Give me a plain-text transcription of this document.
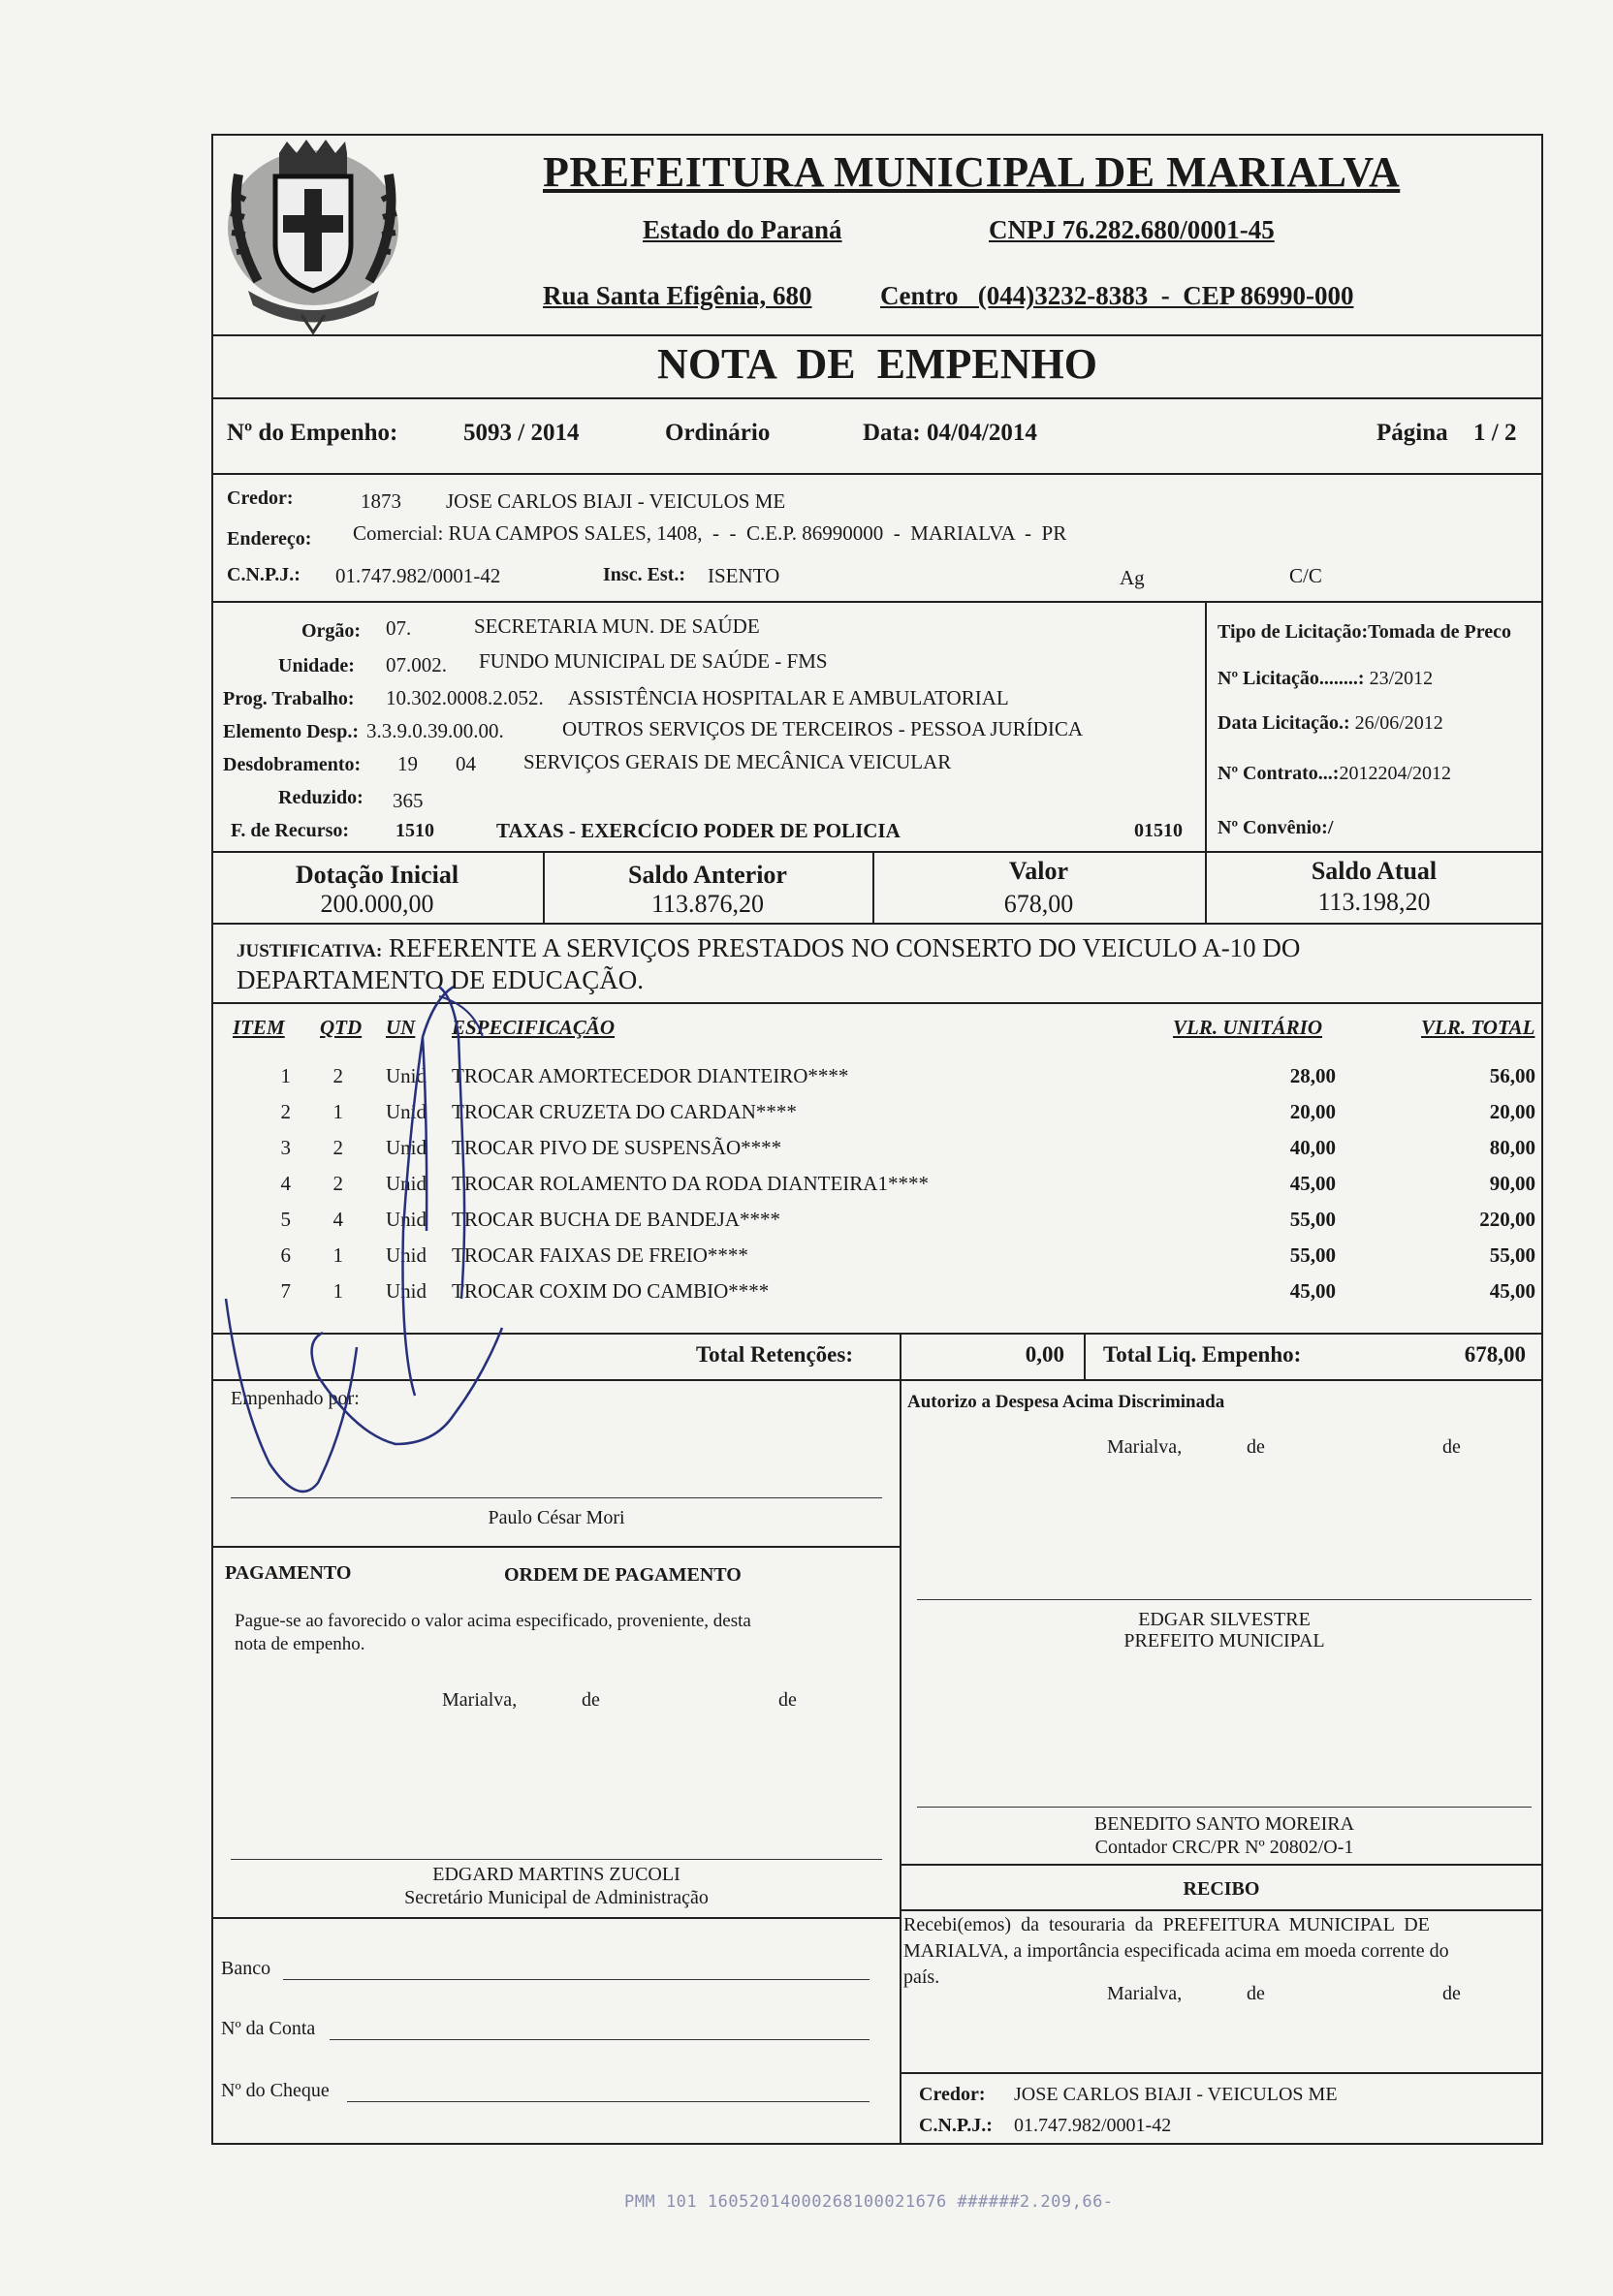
PREFEITURA MUNICIPAL DE MARIALVA
Estado do Paraná	CNPJ 76.282.680/0001-45
Rua Santa Efigênia, 680	Centro   (044)3232-8383  -  CEP 86990-000
NOTA  DE  EMPENHO
Nº do Empenho:	5093 / 2014	Ordinário	Data: 04/04/2014	Página 1 / 2
Credor:	1873 JOSE CARLOS BIAJI - VEICULOS ME
Endereço: Comercial: RUA CAMPOS SALES, 1408,  -  -  C.E.P. 86990000  -  MARIALVA  -  PR
C.N.P.J.: 01.747.982/0001-42	Insc. Est.: ISENTO	Ag	C/C
Orgão: 07.	SECRETARIA MUN. DE SAÚDE
Unidade: 07.002. FUNDO MUNICIPAL DE SAÚDE - FMS
Prog. Trabalho: 10.302.0008.2.052. ASSISTÊNCIA HOSPITALAR E AMBULATORIAL
Elemento Desp.: 3.3.9.0.39.00.00.	OUTROS SERVIÇOS DE TERCEIROS - PESSOA JURÍDICA
Desdobramento: 19 04 SERVIÇOS GERAIS DE MECÂNICA VEICULAR
Reduzido: 365
F. de Recurso: 1510	TAXAS - EXERCÍCIO PODER DE POLICIA	01510
Tipo de Licitação:Tomada de Preco
Nº Licitação........: 23/2012
Data Licitação.: 26/06/2012
Nº Contrato...:2012204/2012
Nº Convênio:/
Dotação Inicial
200.000,00
Saldo Anterior
113.876,20
Valor
678,00
Saldo Atual
113.198,20
JUSTIFICATIVA: REFERENTE A SERVIÇOS PRESTADOS NO CONSERTO DO VEICULO A-10 DO
DEPARTAMENTO DE EDUCAÇÃO.
ITEM QTD UN ESPECIFICAÇÃO	VLR. UNITÁRIO	VLR. TOTAL
1	2 Unid	TROCAR AMORTECEDOR DIANTEIRO****	28,00	56,00
2	1 Unid	TROCAR CRUZETA DO CARDAN****	20,00	20,00
3	2 Unid	TROCAR PIVO DE SUSPENSÃO****	40,00	80,00
4	2 Unid	TROCAR ROLAMENTO DA RODA DIANTEIRA1****	45,00	90,00
5	4 Unid	TROCAR BUCHA DE BANDEJA****	55,00	220,00
6	1 Unid	TROCAR FAIXAS DE FREIO****	55,00	55,00
7	1 Unid	TROCAR COXIM DO CAMBIO****	45,00	45,00
Total Retenções:	0,00 Total Liq. Empenho:	678,00
Empenhado por:
Paulo César Mori
Autorizo a Despesa Acima Discriminada
Marialva,	de	de
PAGAMENTO	ORDEM DE PAGAMENTO
Pague-se ao favorecido o valor acima especificado, proveniente, desta
nota de empenho.
Marialva,	de	de
EDGAR SILVESTRE
PREFEITO MUNICIPAL
BENEDITO SANTO MOREIRA
Contador CRC/PR Nº 20802/O-1
EDGARD MARTINS ZUCOLI
Secretário Municipal de Administração	RECIBO
Recebi(emos)  da  tesouraria  da  PREFEITURA  MUNICIPAL  DE
MARIALVA, a importância especificada acima em moeda corrente do
país.
Marialva,	de	de
Banco
Nº da Conta
Nº do Cheque	Credor: JOSE CARLOS BIAJI - VEICULOS ME
C.N.P.J.: 01.747.982/0001-42
PMM 101 16052014000268100021676 ######2.209,66-
